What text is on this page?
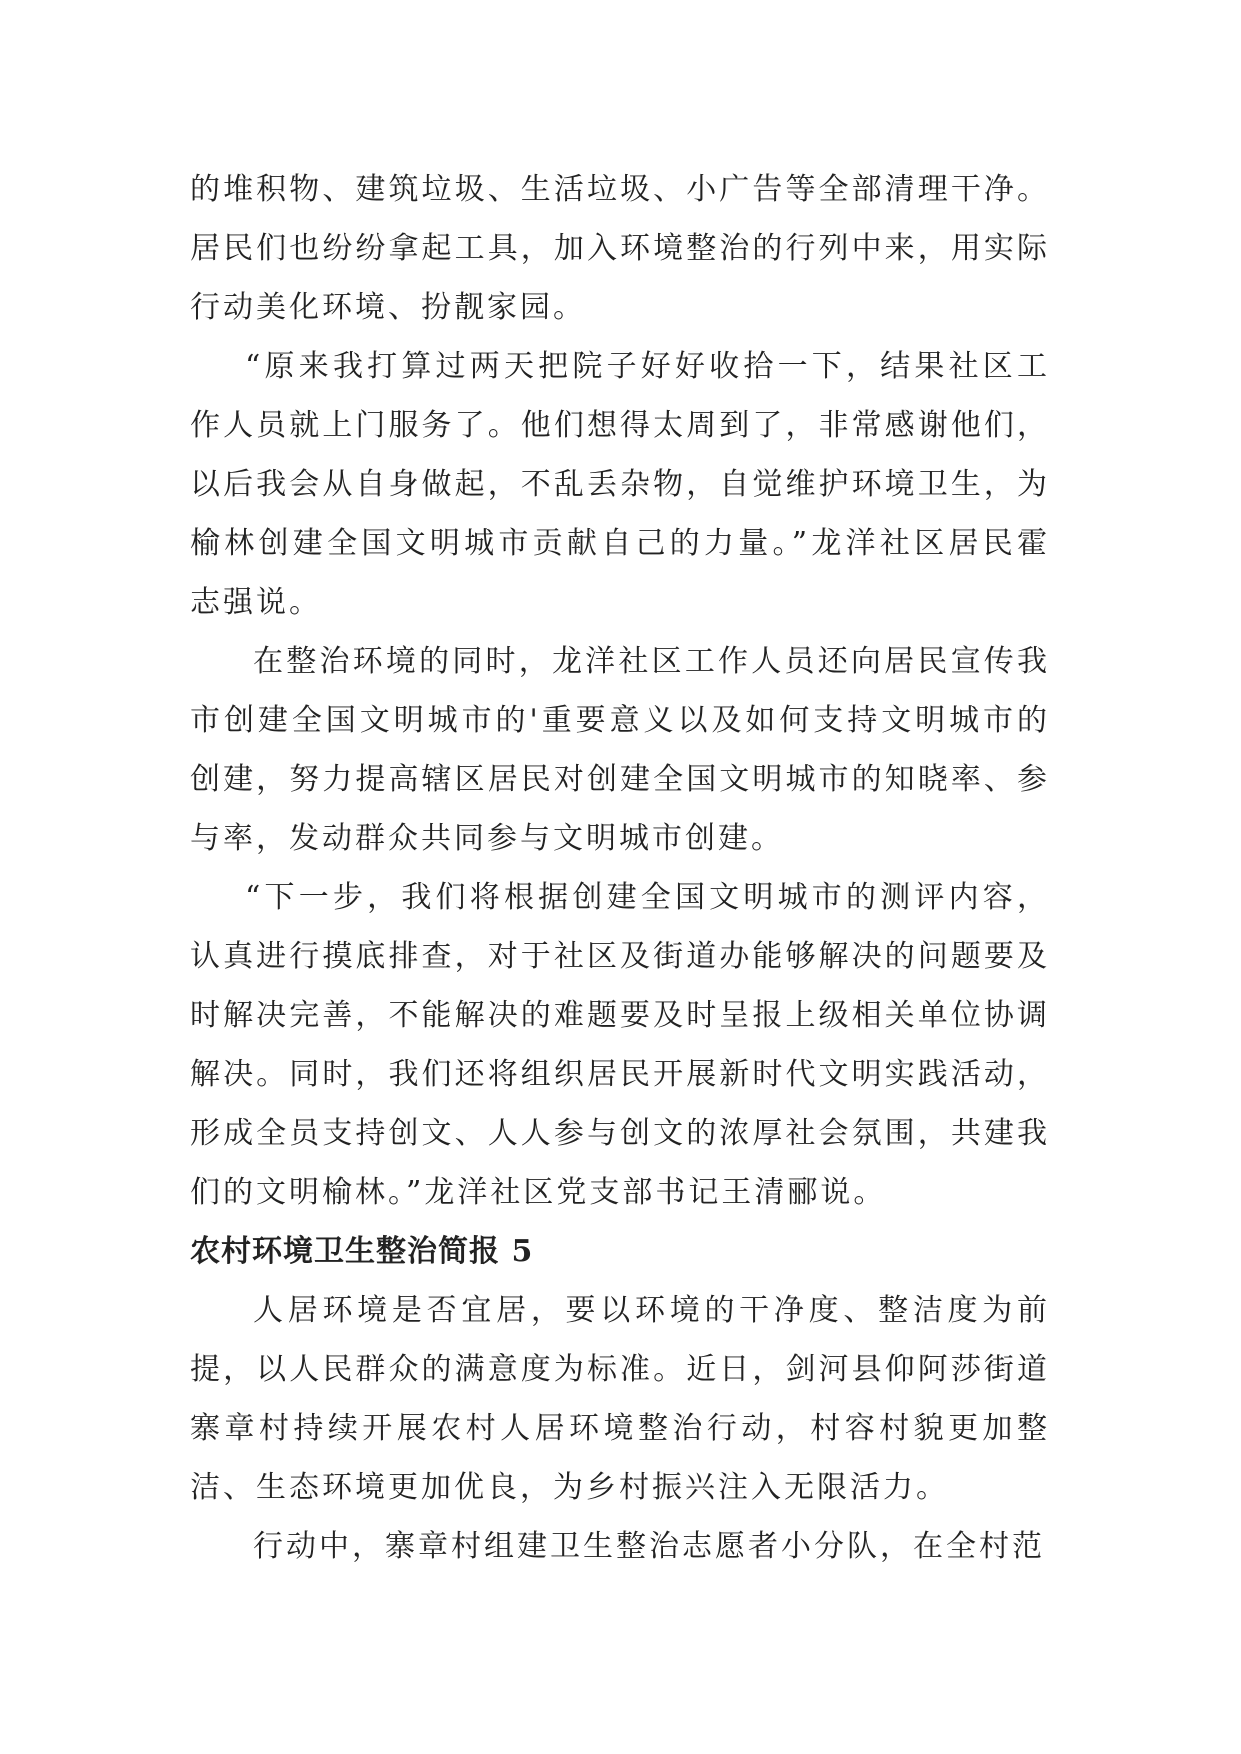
的堆积物、建筑垃圾、生活垃圾、小广告等全部清理干净。居民们也纷纷拿起工具，加入环境整治的行列中来，用实际行动美化环境、扮靓家园。

“原来我打算过两天把院子好好收拾一下，结果社区工作人员就上门服务了。他们想得太周到了，非常感谢他们，以后我会从自身做起，不乱丢杂物，自觉维护环境卫生，为榆林创建全国文明城市贡献自己的力量。”龙洋社区居民霍志强说。

在整治环境的同时，龙洋社区工作人员还向居民宣传我市创建全国文明城市的'重要意义以及如何支持文明城市的创建，努力提高辖区居民对创建全国文明城市的知晓率、参与率，发动群众共同参与文明城市创建。

“下一步，我们将根据创建全国文明城市的测评内容，认真进行摸底排查，对于社区及街道办能够解决的问题要及时解决完善，不能解决的难题要及时呈报上级相关单位协调解决。同时，我们还将组织居民开展新时代文明实践活动，形成全员支持创文、人人参与创文的浓厚社会氛围，共建我们的文明榆林。”龙洋社区党支部书记王清郦说。

农村环境卫生整治简报 5

人居环境是否宜居，要以环境的干净度、整洁度为前提，以人民群众的满意度为标准。近日，剑河县仰阿莎街道寨章村持续开展农村人居环境整治行动，村容村貌更加整洁、生态环境更加优良，为乡村振兴注入无限活力。

行动中，寨章村组建卫生整治志愿者小分队，在全村范
